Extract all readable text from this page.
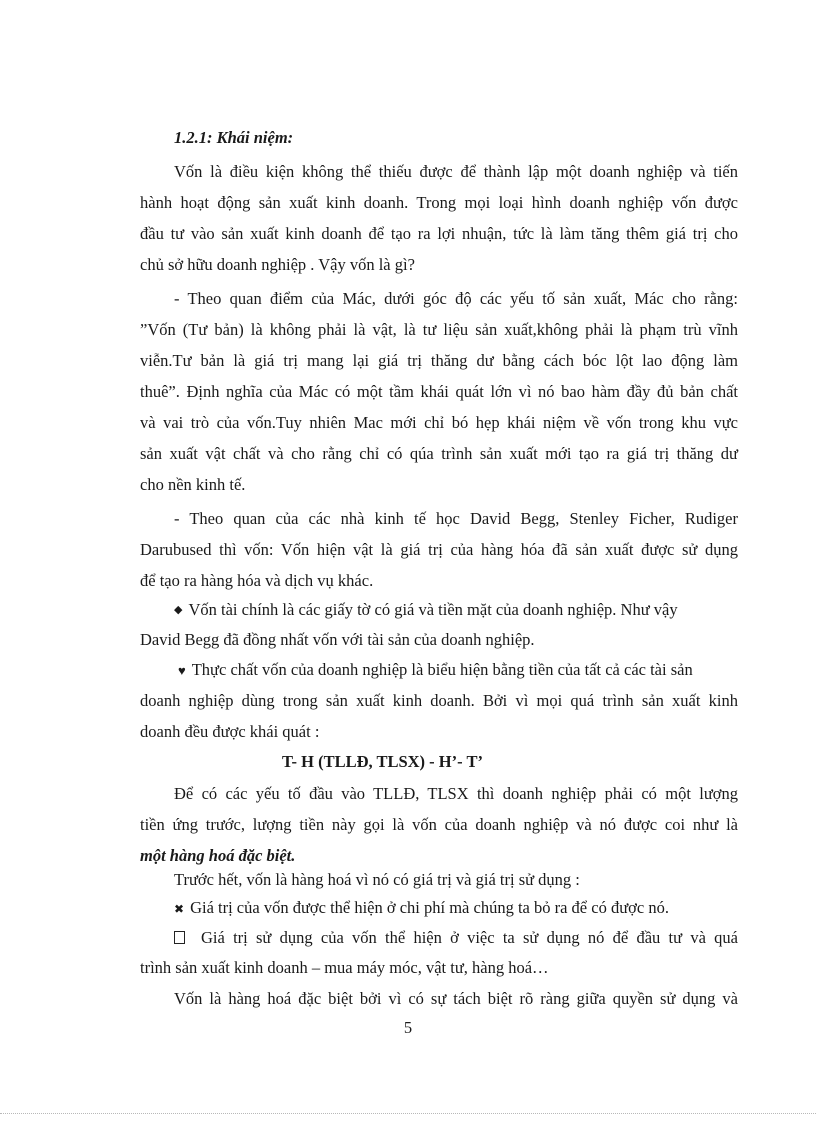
1.2.1: Khái niệm:
Vốn là điều kiện không thể thiếu được để thành lập một doanh nghiệp và tiến
hành hoạt động sản xuất kinh doanh. Trong mọi loại hình doanh nghiệp vốn được
đầu tư vào sản xuất kinh doanh để tạo ra lợi nhuận, tức là làm tăng thêm giá trị cho
chủ sở hữu doanh nghiệp . Vậy vốn là gì?
- Theo quan điểm của Mác, dưới góc độ các yếu tố sản xuất, Mác cho rằng:
”Vốn (Tư bản) là không phải là vật, là tư liệu sản xuất,không phải là phạm trù vĩnh
viễn.Tư bản là giá trị mang lại giá trị thăng dư bằng cách bóc lột lao động làm
thuê”. Định nghĩa của Mác có một tầm khái quát lớn vì nó bao hàm đầy đủ bản chất
và vai trò của vốn.Tuy nhiên Mac mới chỉ bó hẹp khái niệm về vốn trong khu vực
sản xuất vật chất và cho rằng chỉ có qúa trình sản xuất mới tạo ra giá trị thăng dư
cho nền kinh tế.
- Theo quan của các nhà kinh tế học David Begg, Stenley Ficher, Rudiger
Darubused thì vốn: Vốn hiện vật là giá trị của hàng hóa đã sản xuất được sử dụng
để tạo ra hàng hóa và dịch vụ khác.
◆ Vốn tài chính là các giấy tờ có giá và tiền mặt của doanh nghiệp. Như vậy
David Begg đã đồng nhất vốn với tài sản của doanh nghiệp.
♥ Thực chất vốn của doanh nghiệp là biểu hiện bằng tiền của tất cả các tài sản
doanh nghiệp dùng trong sản xuất kinh doanh. Bởi vì mọi quá trình sản xuất kinh
doanh đều được khái quát :
T- H (TLLĐ, TLSX) - H’- T’
Để có các yếu tố đầu vào TLLĐ, TLSX thì doanh nghiệp phải có một lượng
tiền ứng trước, lượng tiền này gọi là vốn của doanh nghiệp và nó được coi như là
một hàng hoá đặc biệt.
Trước hết, vốn là hàng hoá vì nó có giá trị và giá trị sử dụng :
✖ Giá trị của vốn được thể hiện ở chi phí mà chúng ta bỏ ra để có được nó.
Giá trị sử dụng của vốn thể hiện ở việc ta sử dụng nó để đầu tư và quá
trình sản xuất kinh doanh – mua máy móc, vật tư, hàng hoá…
Vốn là hàng hoá đặc biệt bởi vì có sự tách biệt rõ ràng giữa quyền sử dụng và
5
